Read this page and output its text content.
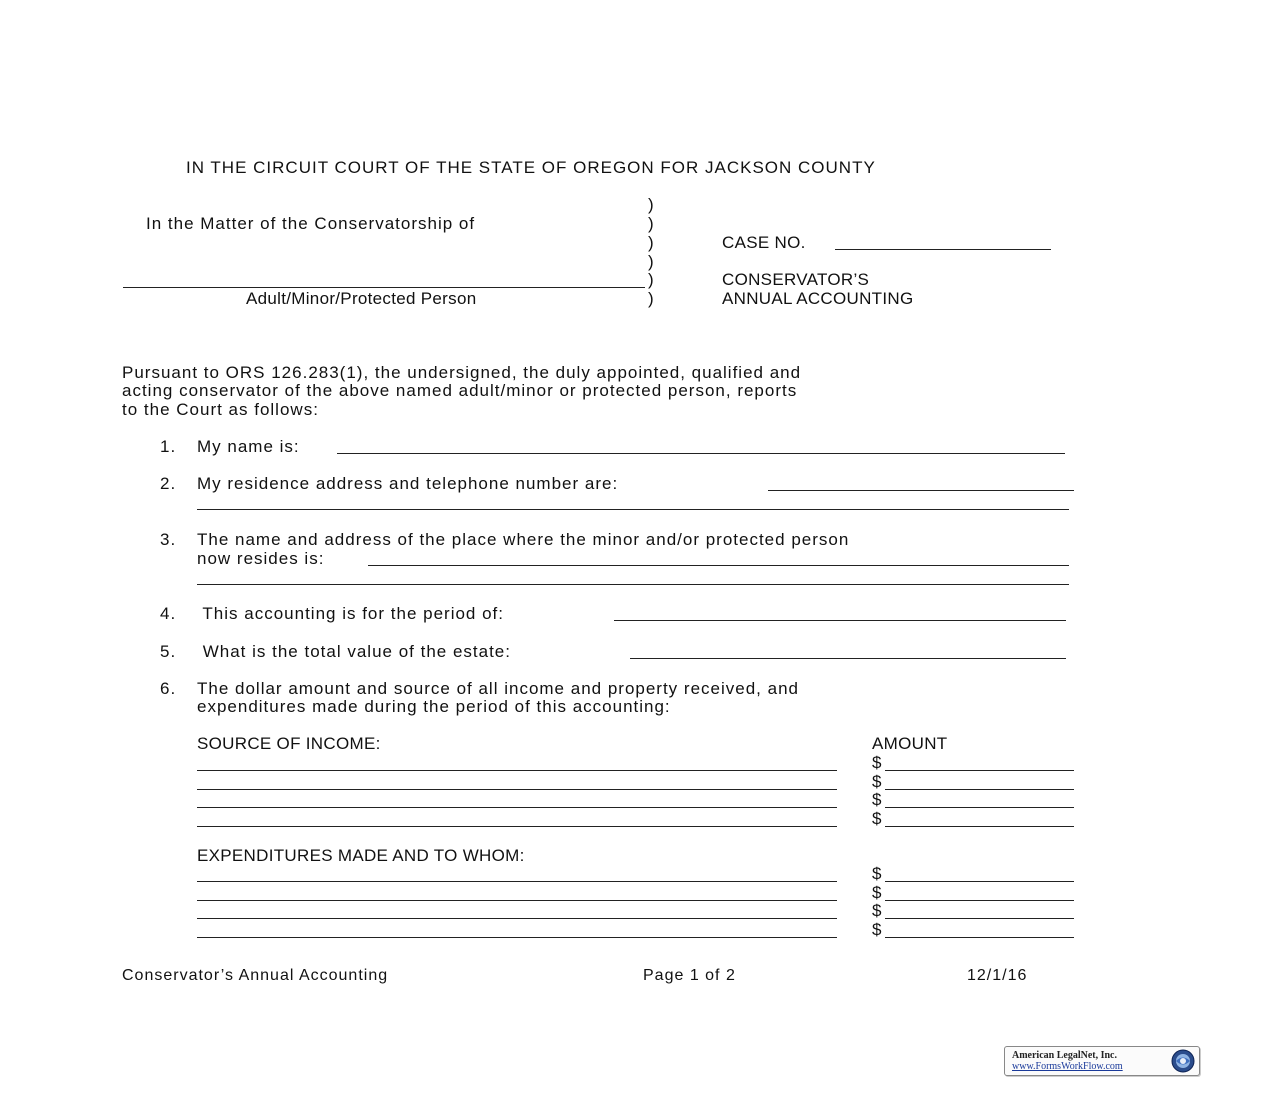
IN THE CIRCUIT COURT OF THE STATE OF OREGON FOR JACKSON COUNTY
)
)
)
)
)
)
In the Matter of the Conservatorship of
Adult/Minor/Protected Person
CASE NO.
CONSERVATOR’S
ANNUAL ACCOUNTING
Pursuant to ORS 126.283(1), the undersigned, the duly appointed, qualified and
acting conservator of the above named adult/minor or protected person, reports
to the Court as follows:
1. My name is:
2. My residence address and telephone number are:
3. The name and address of the place where the minor and/or protected person
now resides is:
4. This accounting is for the period of:
5. What is the total value of the estate:
6. The dollar amount and source of all income and property received, and
expenditures made during the period of this accounting:
SOURCE OF INCOME:	AMOUNT
$
$
$
$
EXPENDITURES MADE AND TO WHOM:
$
$
$
$
Conservator’s Annual Accounting	Page 1 of 2	12/1/16
American LegalNet, Inc.
www.FormsWorkFlow.com
